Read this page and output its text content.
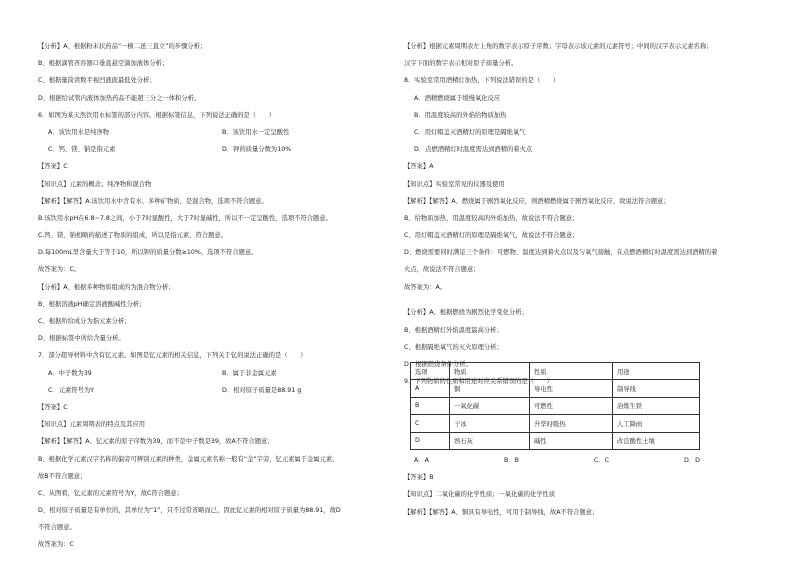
【分析】A、根据粉末状药品“一横二送三直立”的步骤分析；
B、根据滴管吝容器口垂直悬空滴加液体分析；
C、根据量筒读数平视凹液面最低处分析；
D、根据给试管内液体加热药品不能超三分之一体积分析。
6．如图为某天然饮用水标签的部分内容。根据标签信息，下列说法正确的是（　　）
A．该饮用水是纯净物	B．该饮用水一定呈酸性
C．钙、镁、钠是指元素	D．钾的质量分数为10%
【答案】C
【知识点】元素的概念；纯净物和混合物
【解析】【解答】A.该饮用水中含有水、多种矿物质，是混合物，选项不符合题意。
B.该饮用水pH在6.8~7.8之间，小于7时显酸性，大于7时显碱性，所以不一定呈酸性，选项不符合题意。
C.钙、镁、钠相略的描述了物质的组成，所以是指元素，符合题意。
D.每100mL里含量大于等于10，所以钾的质量分数≥10%，选项不符合题意。
故答案为：C。
【分析】A、根据多种物质组成的为混合物分析；
B、根据溶液pH确定溶液酸碱性分析；
C、根据所给成分为指元素分析；
D、根据标签中所给含量分析。
7．部分超导材料中含有钇元素。如图是钇元素的相关信息，下列关于钇的说法正确的是（　　）
A．中子数为39	B．属于非金属元素
C．元素符号为Y	D．相对原子质量是88.91 g
【答案】C
【知识点】元素周期表的特点及其应用
【解析】【解答】A、钇元素的原子序数为39，而不是中子数是39，故A不符合题意；
B、根据化学元素汉字名称的偏旁可辨别元素的种类，金属元素名称一般有“金”字旁，钇元素属于金属元素，
故B不符合题意；
C、从图看，钇元素的元素符号为Y，故C符合题意；
D、相对原子质量是有单位的，其单位为“1”，只不过常省略而已，因此钇元素的相对原子质量为88.91，故D
不符合题意。
故答案为：C
【分析】根据元素周期表左上角的数字表示原子序数；字母表示该元素的元素符号；中间的汉字表示元素名称；
汉字下面的数字表示相对原子质量分析。
8．实验室常用酒精灯加热，下列说法错误的是（　　）
A．酒精燃烧属于缓慢氧化反应
B．用温度较高的外焰给物质加热
C．用灯帽盖灭酒精灯的原理是隔绝氧气
D．点燃酒精灯时温度需达到酒精的着火点
【答案】A
【知识点】实验室常见的仪器及使用
【解析】【解答】A、燃烧属于剧烈氧化反应，则酒精燃烧属于剧烈氧化反应，故说法符合题意；
B、给物质加热，用温度较高的外焰加热，故说法不符合题意；
C、用灯帽盖灭酒精灯的原理是隔绝氧气，故说法不符合题意；
D、燃烧需要同时满足三个条件：可燃物、温度达到着火点以及与氧气接触，在点燃酒精灯时温度需达到酒精的着
火点，故说法不符合题意；
故答案为：A。
【分析】A、根据燃烧为剧烈化学变化分析；
B、根据酒精灯外焰温度最高分析；
C、根据隔绝氧气的灭火原理分析；
D、根据燃烧条件分析。
9．下列物质的性质和用途对应关系错误的是（　　）
选项	物质	性质	用途
A	铜	导电性	制导线
B	一氧化碳	可燃性	冶炼生铁
C	干冰	升华时吸热	人工降雨
D	熟石灰	碱性	改良酸性土壤
A．A	B．B	C．C	D．D
【答案】B
【知识点】二氧化碳的化学性质；一氧化碳的化学性质
【解析】【解答】A、铜具有导电性，可用于制导线，故A不符合题意；
